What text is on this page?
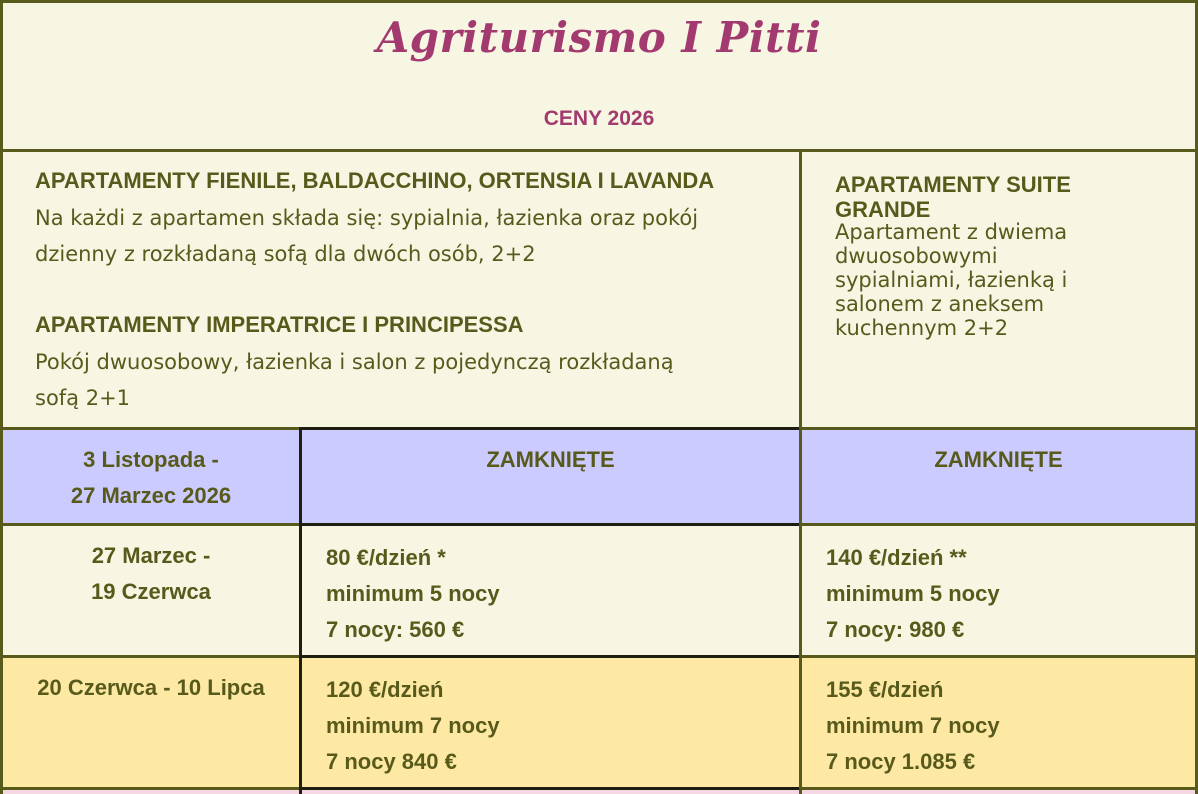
Agriturismo I Pitti
CENY 2026
APARTAMENTY FIENILE, BALDACCHINO, ORTENSIA I LAVANDA
Na każdi z apartamen składa się: sypialnia, łazienka oraz pokój
dzienny z rozkładaną sofą dla dwóch osób, 2+2
APARTAMENTY IMPERATRICE I PRINCIPESSA
Pokój dwuosobowy, łazienka i salon z pojedynczą rozkładaną
sofą 2+1
APARTAMENTY SUITE
GRANDE
Apartament z dwiema
dwuosobowymi
sypialniami, łazienką i
salonem z aneksem
kuchennym 2+2
3 Listopada -
27 Marzec 2026
ZAMKNIĘTE	ZAMKNIĘTE
27 Marzec -
19 Czerwca
80 €/dzień *
minimum 5 nocy
7 nocy: 560 €
140 €/dzień **
minimum 5 nocy
7 nocy: 980 €
20 Czerwca - 10 Lipca	120 €/dzień
minimum 7 nocy
7 nocy 840 €
155 €/dzień
minimum 7 nocy
7 nocy 1.085 €
